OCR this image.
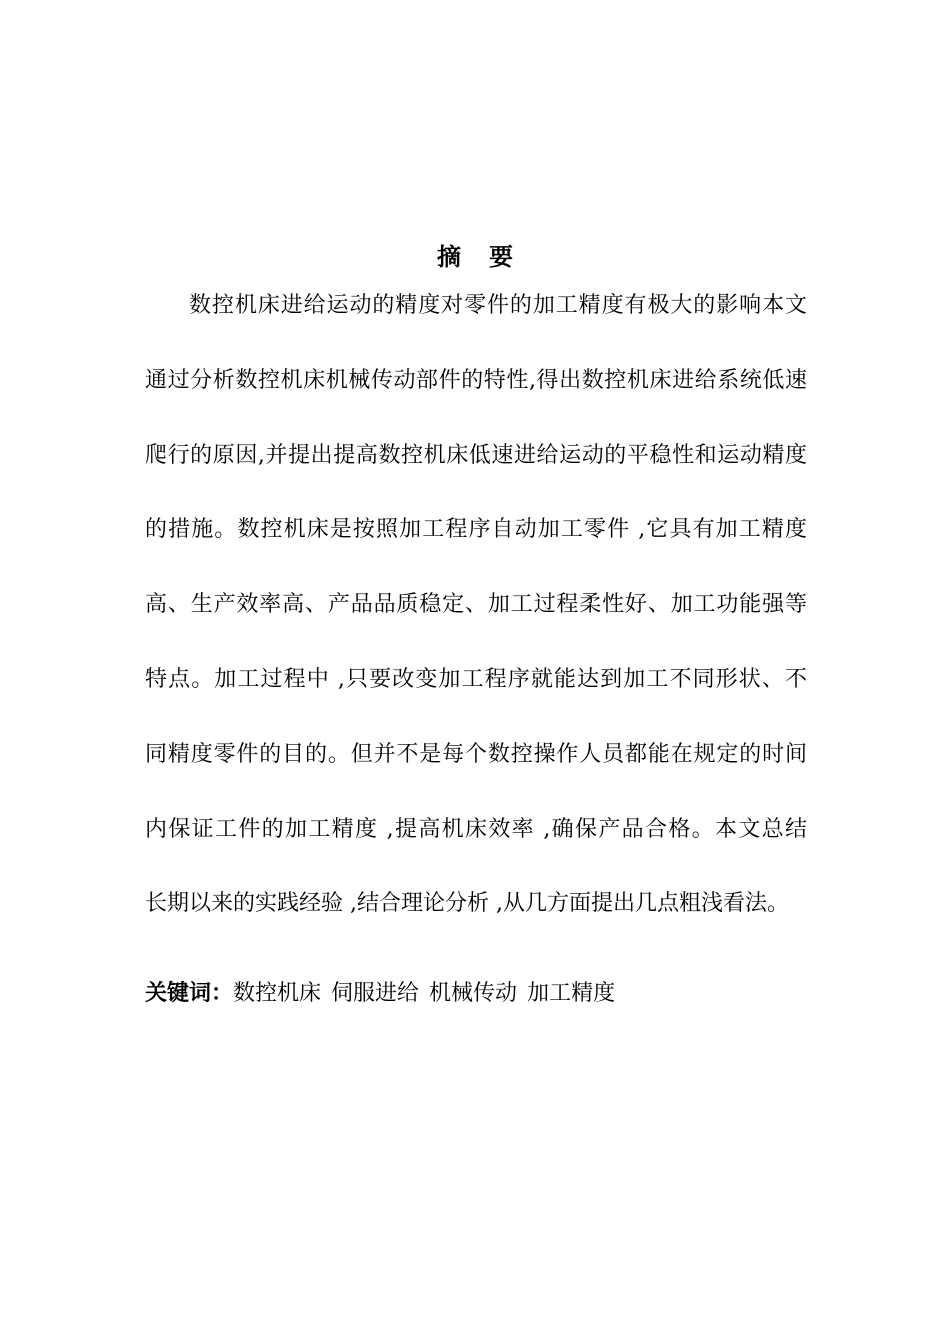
摘 要
数控机床进给运动的精度对零件的加工精度有极大的影响本文
通过分析数控机床机械传动部件的特性,得出数控机床进给系统低速
爬行的原因,并提出提高数控机床低速进给运动的平稳性和运动精度
的措施。数控机床是按照加工程序自动加工零件 ,它具有加工精度
高、生产效率高、产品品质稳定、加工过程柔性好、加工功能强等
特点。加工过程中 ,只要改变加工程序就能达到加工不同形状、不
同精度零件的目的。但并不是每个数控操作人员都能在规定的时间
内保证工件的加工精度 ,提高机床效率 ,确保产品合格。本文总结
长期以来的实践经验 ,结合理论分析 ,从几方面提出几点粗浅看法。
关键词：数控机床 伺服进给 机械传动 加工精度
